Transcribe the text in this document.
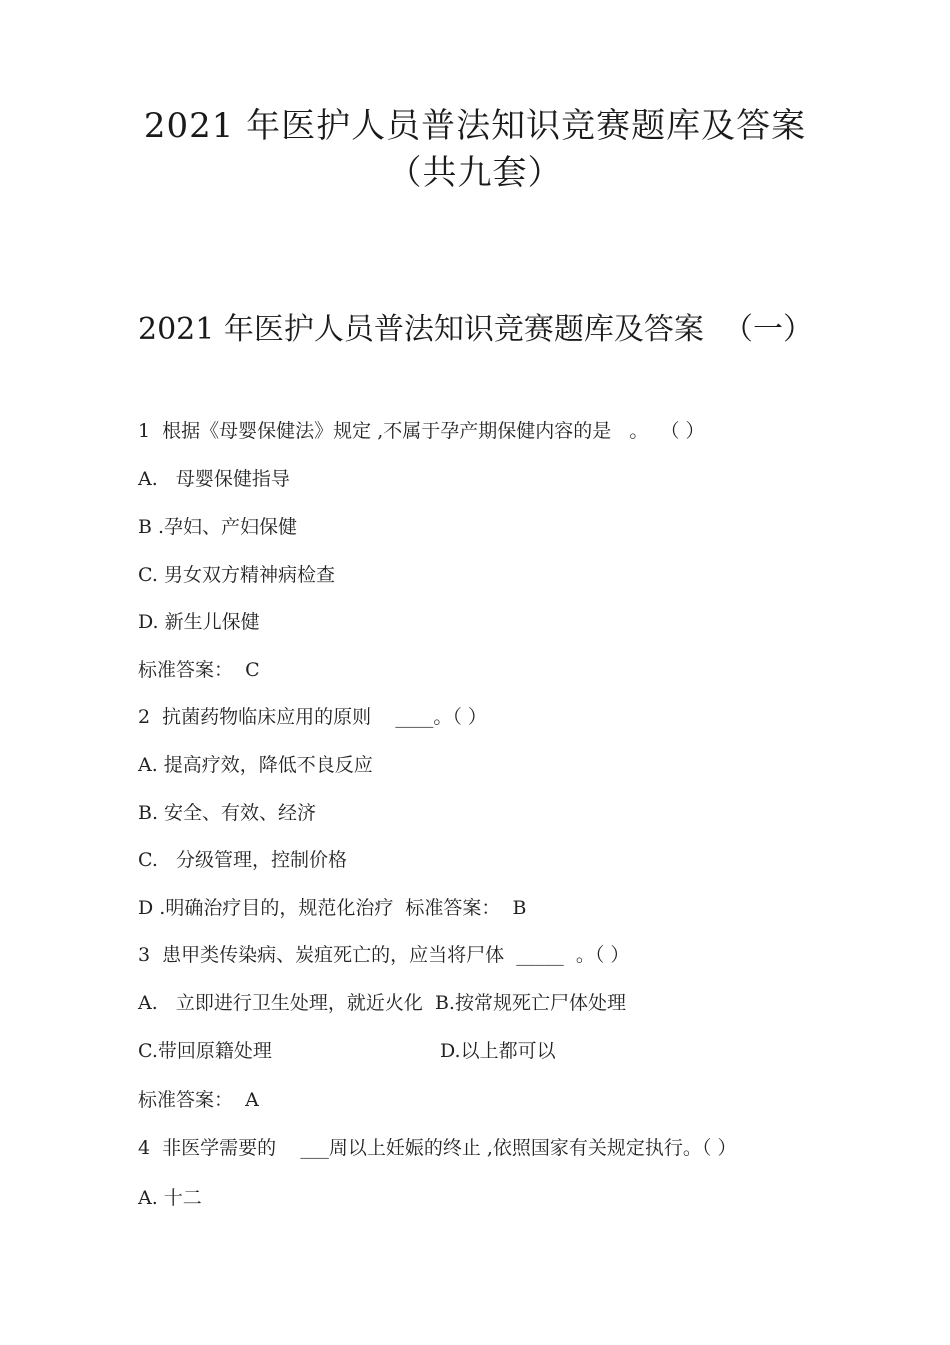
2021 年医护人员普法知识竞赛题库及答案
（共九套）
2021 年医护人员普法知识竞赛题库及答案  （一）
1  根据《母婴保健法》规定 ,不属于孕产期保健内容的是   。  （ ）
A.   母婴保健指导
B .孕妇、产妇保健
C. 男女双方精神病检查
D. 新生儿保健
标准答案：  C
2  抗菌药物临床应用的原则    ____。（ ）
A. 提高疗效，降低不良反应
B. 安全、有效、经济
C.   分级管理，控制价格
D .明确治疗目的，规范化治疗  标准答案：  B
3  患甲类传染病、炭疽死亡的，应当将尸体  _____  。（ ）
A.   立即进行卫生处理，就近火化  B.按常规死亡尸体处理
C.带回原籍处理	D.以上都可以
标准答案：  A
4  非医学需要的    ___周以上妊娠的终止 ,依照国家有关规定执行。（ ）
A. 十二
